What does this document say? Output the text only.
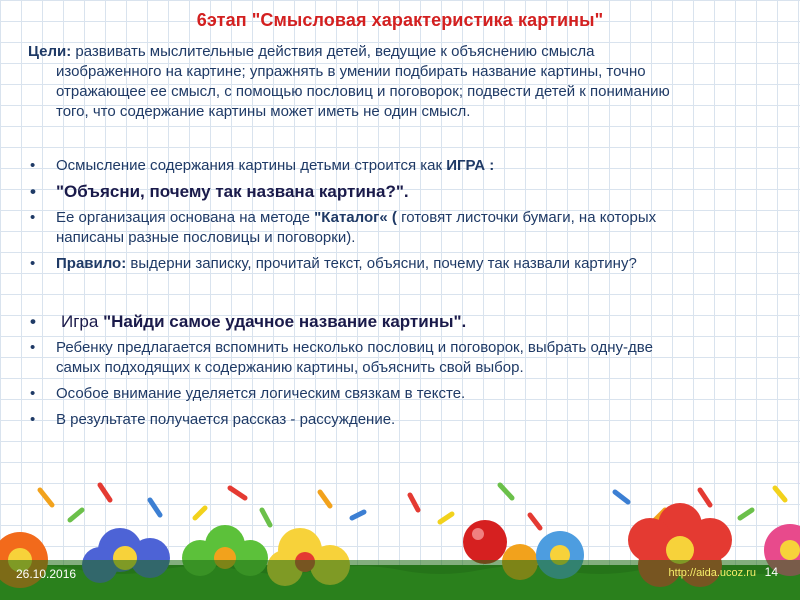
6этап "Смысловая характеристика картины"
Цели: развивать мыслительные действия детей, ведущие к объяснению смысла
изображенного на картине; упражнять в умении подбирать название картины, точно
отражающее ее смысл, с помощью пословиц и поговорок; подвести детей к пониманию
того, что содержание картины может иметь не один смысл.
• Осмысление содержания картины детьми строится как ИГРА :
• "Объясни, почему так названа картина?".
• Ее организация основана на методе "Каталог« ( готовят листочки бумаги, на которых
написаны разные пословицы и поговорки).
• Правило: выдерни записку, прочитай текст, объясни, почему так назвали картину?
• Игра "Найди самое удачное название картины".
• Ребенку предлагается вспомнить несколько пословиц и поговорок, выбрать одну-две
самых подходящих к содержанию картины, объяснить свой выбор.
• Особое внимание уделяется логическим связкам в тексте.
• В результате получается рассказ - рассуждение.
26.10.2016	http://aida.ucoz.ru 14
